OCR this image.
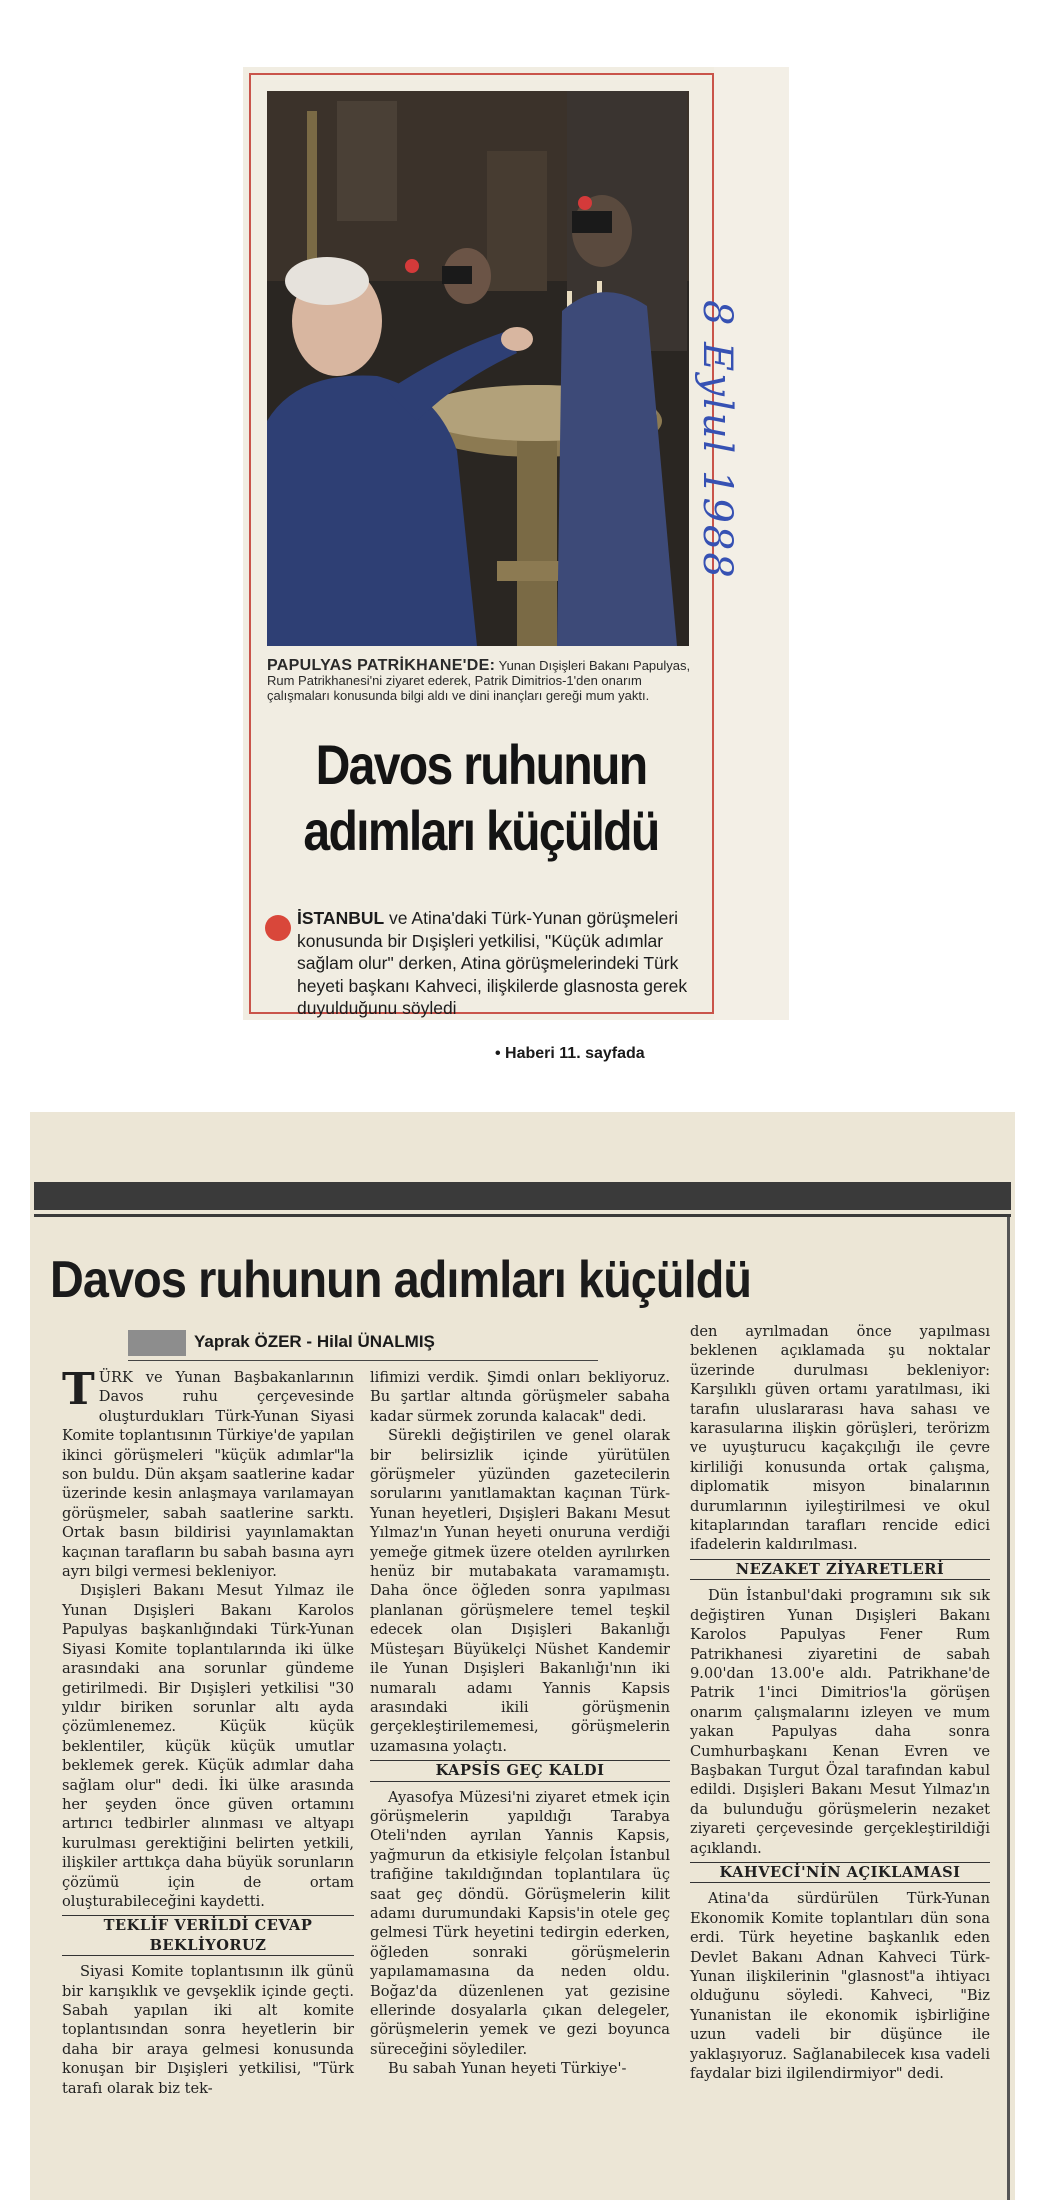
PAPULYAS PATRİKHANE'DE: Yunan Dışişleri Bakanı Papulyas, Rum Patrikhanesi'ni ziyaret ederek, Patrik Dimitrios-1'den onarım çalışmaları konusunda bilgi aldı ve dini inançları gereği mum yaktı.
Davos ruhunun
adımları küçüldü
İSTANBUL ve Atina'daki Türk-Yunan görüşmeleri konusunda bir Dışişleri yetkilisi, "Küçük adımlar sağlam olur" derken, Atina görüşmelerindeki Türk heyeti başkanı Kahveci, ilişkilerde glasnosta gerek duyulduğunu söyledi
• Haberi 11. sayfada
8 Eylul 1988
Davos ruhunun adımları küçüldü
Yaprak ÖZER - Hilal ÜNALMIŞ

TÜRK ve Yunan Başbakanlarının Davos ruhu çerçevesinde oluşturdukları Türk-Yunan Siyasi Komite toplantısının Türkiye'de yapılan ikinci görüşmeleri "küçük adımlar"la son buldu. Dün akşam saatlerine kadar üzerinde kesin anlaşmaya varılamayan görüşmeler, sabah saatlerine sarktı. Ortak basın bildirisi yayınlamaktan kaçınan tarafların bu sabah basına ayrı ayrı bilgi vermesi bekleniyor.

Dışişleri Bakanı Mesut Yılmaz ile Yunan Dışişleri Bakanı Karolos Papulyas başkanlığındaki Türk-Yunan Siyasi Komite toplantılarında iki ülke arasındaki ana sorunlar gündeme getirilmedi. Bir Dışişleri yetkilisi "30 yıldır biriken sorunlar altı ayda çözümlenemez. Küçük küçük beklentiler, küçük küçük umutlar beklemek gerek. Küçük adımlar daha sağlam olur" dedi. İki ülke arasında her şeyden önce güven ortamını artırıcı tedbirler alınması ve altyapı kurulması gerektiğini belirten yetkili, ilişkiler arttıkça daha büyük sorunların çözümü için de ortam oluşturabileceğini kaydetti.

TEKLİF VERİLDİ CEVAP BEKLİYORUZ

Siyasi Komite toplantısının ilk günü bir karışıklık ve gevşeklik içinde geçti. Sabah yapılan iki alt komite toplantısından sonra heyetlerin bir daha bir araya gelmesi konusunda konuşan bir Dışişleri yetkilisi, "Türk tarafı olarak biz tek-

lifimizi verdik. Şimdi onları bekliyoruz. Bu şartlar altında görüşmeler sabaha kadar sürmek zorunda kalacak" dedi.

Sürekli değiştirilen ve genel olarak bir belirsizlik içinde yürütülen görüşmeler yüzünden gazetecilerin sorularını yanıtlamaktan kaçınan Türk-Yunan heyetleri, Dışişleri Bakanı Mesut Yılmaz'ın Yunan heyeti onuruna verdiği yemeğe gitmek üzere otelden ayrılırken henüz bir mutabakata varamamıştı. Daha önce öğleden sonra yapılması planlanan görüşmelere temel teşkil edecek olan Dışişleri Bakanlığı Müsteşarı Büyükelçi Nüshet Kandemir ile Yunan Dışişleri Bakanlığı'nın iki numaralı adamı Yannis Kapsis arasındaki ikili görüşmenin gerçekleştirilememesi, görüşmelerin uzamasına yolaçtı.

KAPSİS GEÇ KALDI

Ayasofya Müzesi'ni ziyaret etmek için görüşmelerin yapıldığı Tarabya Oteli'nden ayrılan Yannis Kapsis, yağmurun da etkisiyle felçolan İstanbul trafiğine takıldığından toplantılara üç saat geç döndü. Görüşmelerin kilit adamı durumundaki Kapsis'in otele geç gelmesi Türk heyetini tedirgin ederken, öğleden sonraki görüşmelerin yapılamamasına da neden oldu. Boğaz'da düzenlenen yat gezisine ellerinde dosyalarla çıkan delegeler, görüşmelerin yemek ve gezi boyunca süreceğini söylediler.

Bu sabah Yunan heyeti Türkiye'-

den ayrılmadan önce yapılması beklenen açıklamada şu noktalar üzerinde durulması bekleniyor: Karşılıklı güven ortamı yaratılması, iki tarafın uluslararası hava sahası ve karasularına ilişkin görüşleri, terörizm ve uyuşturucu kaçakçılığı ile çevre kirliliği konusunda ortak çalışma, diplomatik misyon binalarının durumlarının iyileştirilmesi ve okul kitaplarından tarafları rencide edici ifadelerin kaldırılması.

NEZAKET ZİYARETLERİ

Dün İstanbul'daki programını sık sık değiştiren Yunan Dışişleri Bakanı Karolos Papulyas Fener Rum Patrikhanesi ziyaretini de sabah 9.00'dan 13.00'e aldı. Patrikhane'de Patrik 1'inci Dimitrios'la görüşen onarım çalışmalarını izleyen ve mum yakan Papulyas daha sonra Cumhurbaşkanı Kenan Evren ve Başbakan Turgut Özal tarafından kabul edildi. Dışişleri Bakanı Mesut Yılmaz'ın da bulunduğu görüşmelerin nezaket ziyareti çerçevesinde gerçekleştirildiği açıklandı.

KAHVECİ'NİN AÇIKLAMASI

Atina'da sürdürülen Türk-Yunan Ekonomik Komite toplantıları dün sona erdi. Türk heyetine başkanlık eden Devlet Bakanı Adnan Kahveci Türk-Yunan ilişkilerinin "glasnost"a ihtiyacı olduğunu söyledi. Kahveci, "Biz Yunanistan ile ekonomik işbirliğine uzun vadeli bir düşünce ile yaklaşıyoruz. Sağlanabilecek kısa vadeli faydalar bizi ilgilendirmiyor" dedi.
